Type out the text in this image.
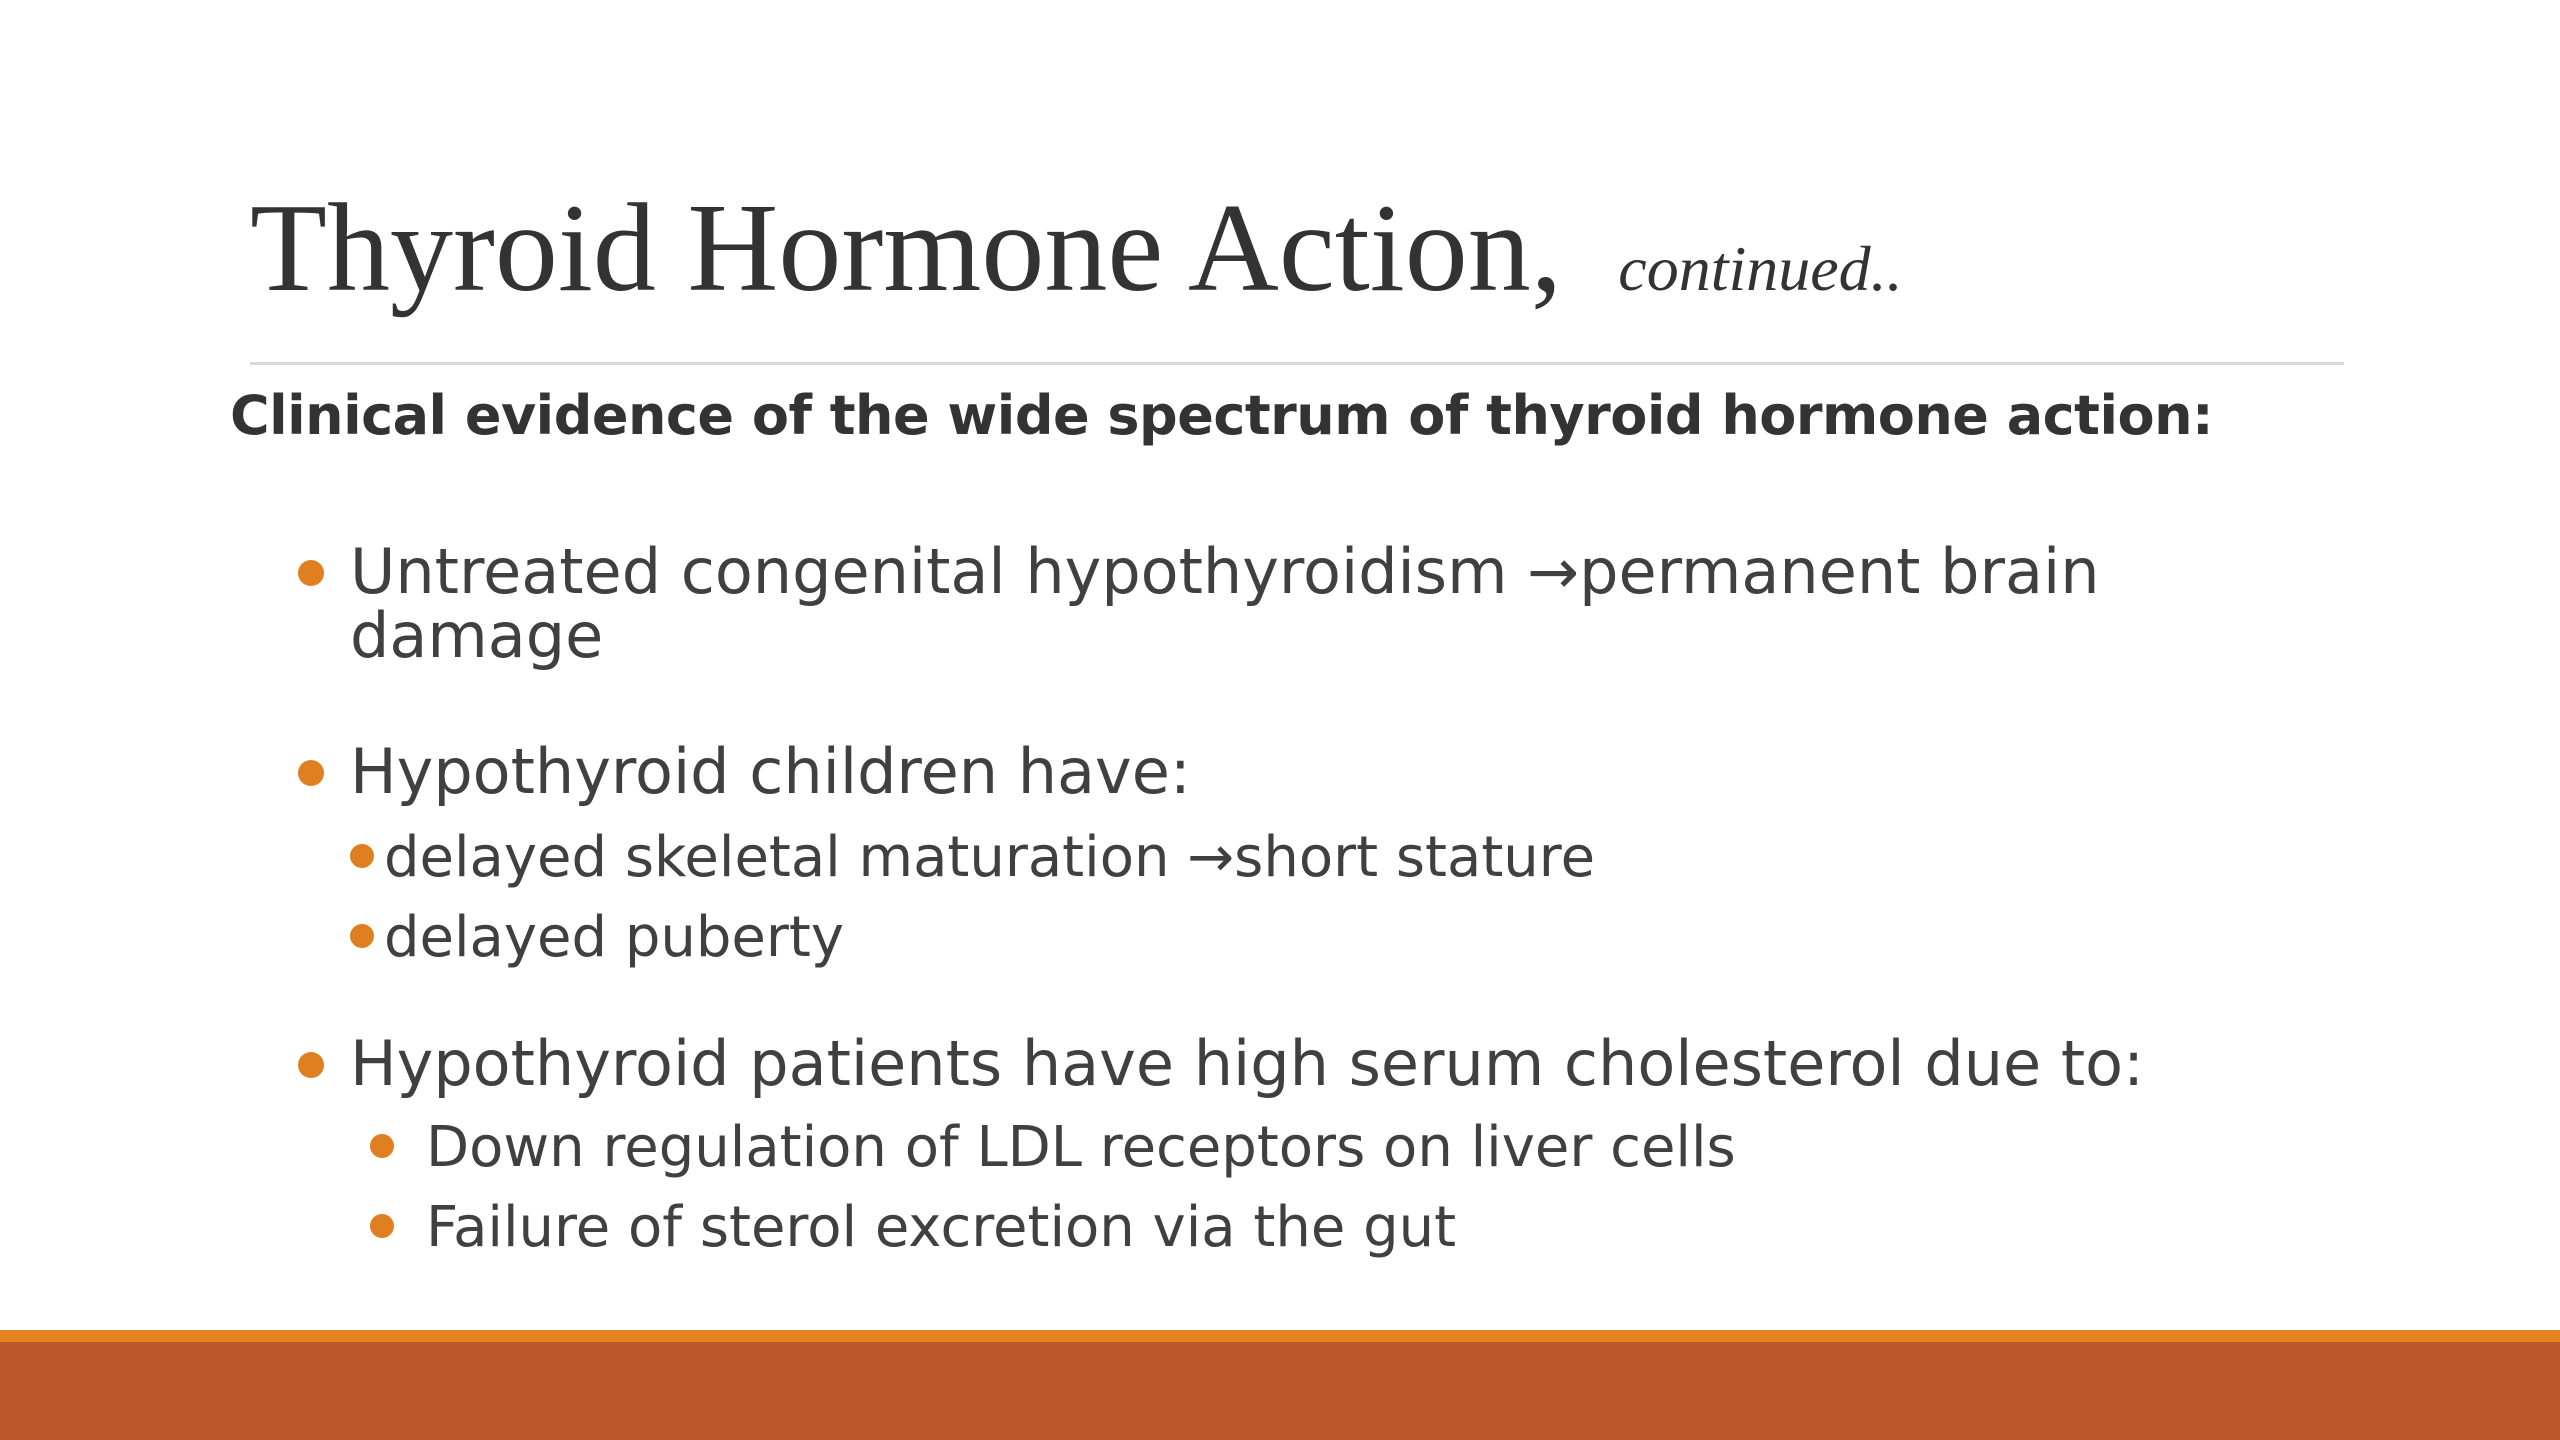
Thyroid Hormone Action, continued..
Clinical evidence of the wide spectrum of thyroid hormone action:
Untreated congenital hypothyroidism →permanent brain damage
Hypothyroid children have:
delayed skeletal maturation →short stature
delayed puberty
Hypothyroid patients have high serum cholesterol due to:
Down regulation of LDL receptors on liver cells
Failure of sterol excretion via the gut
